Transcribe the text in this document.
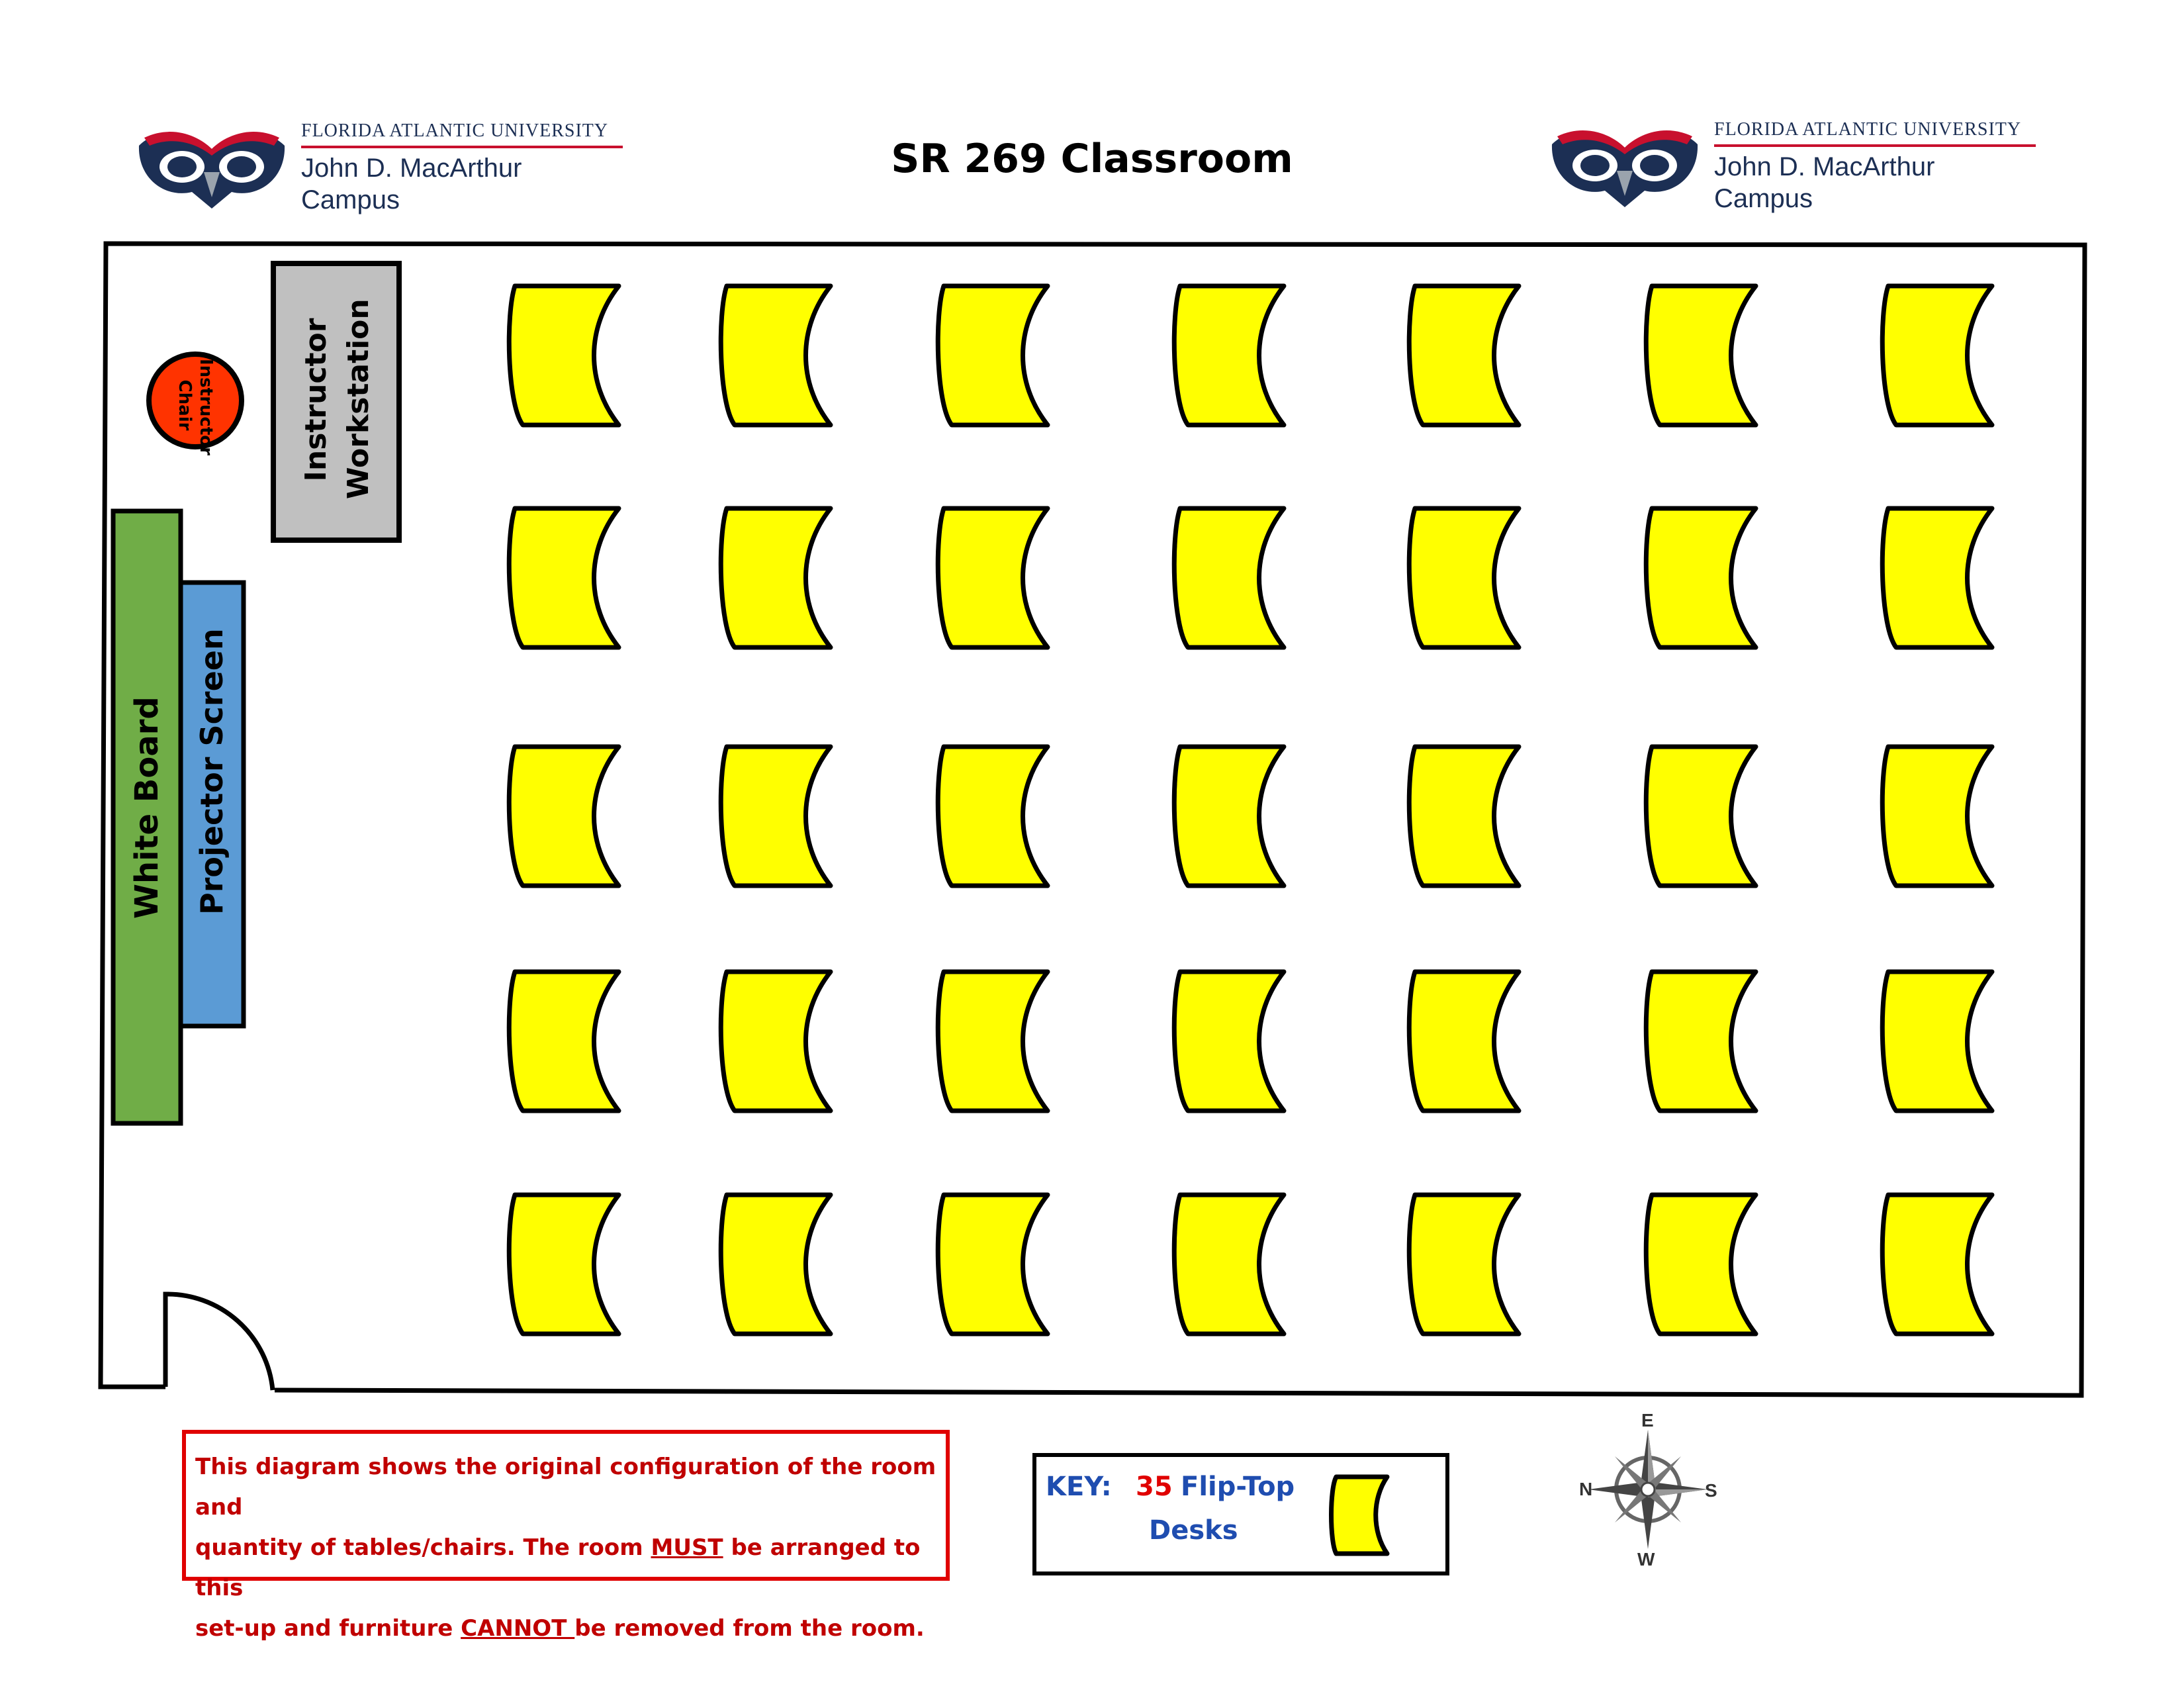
FLORIDA ATLANTIC UNIVERSITY
John D. MacArthur
Campus
FLORIDA ATLANTIC UNIVERSITY
John D. MacArthur
Campus
SR 269 Classroom
Instructor Chair	Instructor Workstation
White Board Projector Screen
This diagram shows the original configuration of the room and
quantity of tables/chairs. The room MUST be arranged to this
set-up and furniture CANNOT be removed from the room.
KEY: 35 Flip-Top
Desks
N
E
S
W
